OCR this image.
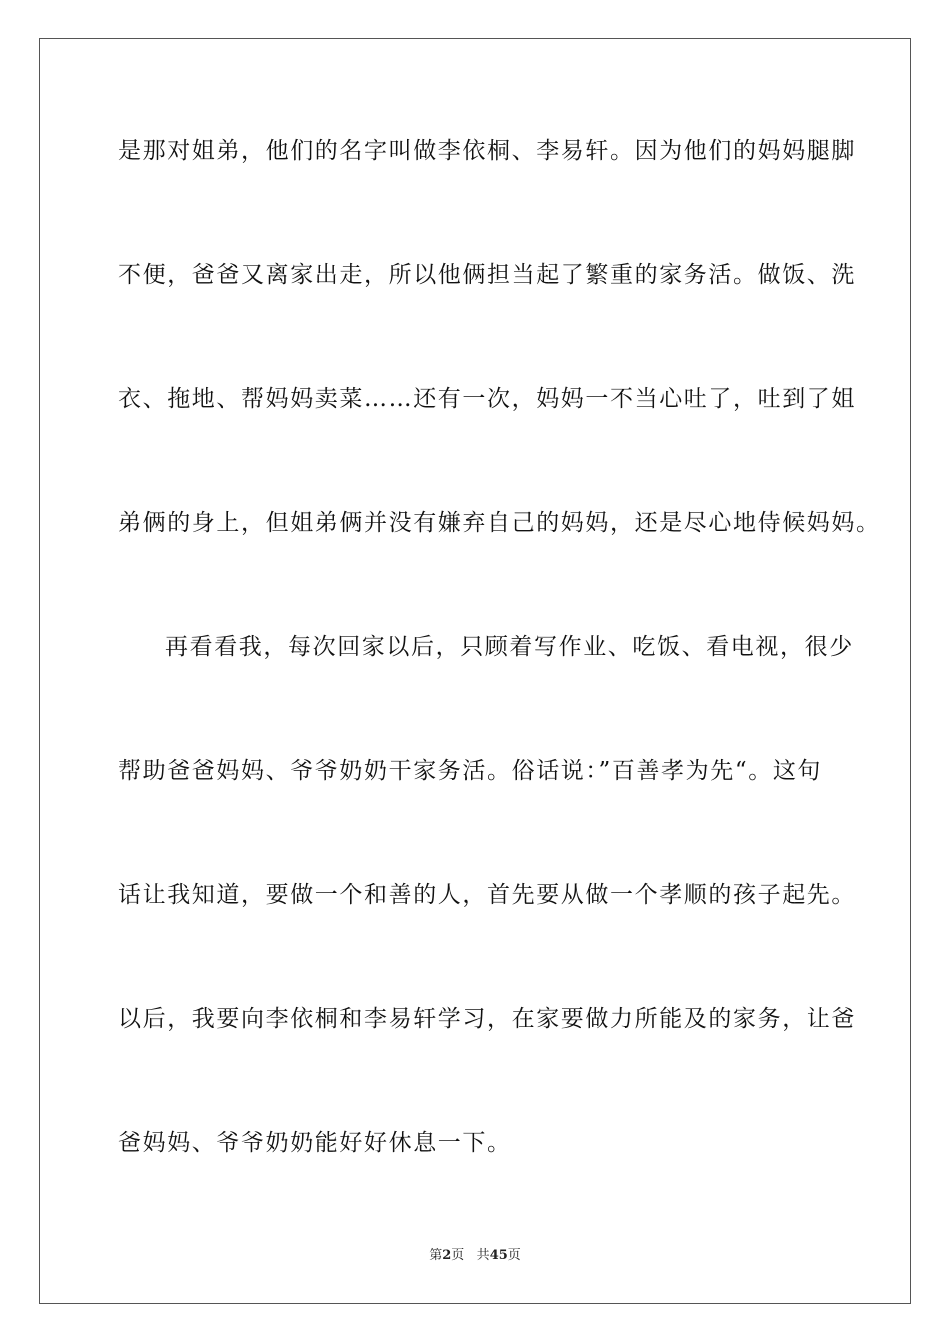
是那对姐弟，他们的名字叫做李依桐、李易轩。因为他们的妈妈腿脚
不便，爸爸又离家出走，所以他俩担当起了繁重的家务活。做饭、洗
衣、拖地、帮妈妈卖菜……还有一次，妈妈一不当心吐了，吐到了姐
弟俩的身上，但姐弟俩并没有嫌弃自己的妈妈，还是尽心地侍候妈妈。
再看看我，每次回家以后，只顾着写作业、吃饭、看电视，很少
帮助爸爸妈妈、爷爷奶奶干家务活。俗话说：”百善孝为先“。这句
话让我知道，要做一个和善的人，首先要从做一个孝顺的孩子起先。
以后，我要向李依桐和李易轩学习，在家要做力所能及的家务，让爸
爸妈妈、爷爷奶奶能好好休息一下。
第2页 共45页
